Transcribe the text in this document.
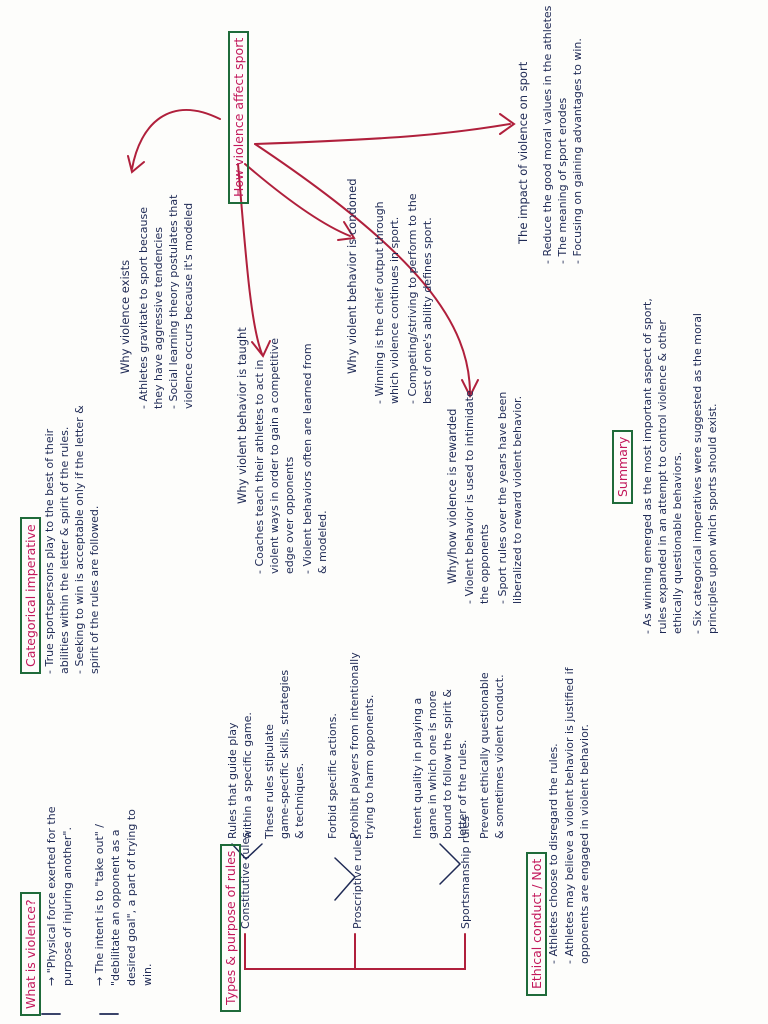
What is violence? → "Physical force exerted for the purpose of injuring another". → The intent is to "take out" / "debilitate an opponent as a desired goal", a part of trying to win.	Types & purpose of rules Constitutive rules
Rules that guide play within a specific game. These rules stipulate game-specific skills, strategies & techniques.
Proscriptive rules
Forbid specific actions. Prohibit players from intentionally trying to harm opponents.
Sportsmanship rules
Intent quality in playing a game in which one is more bound to follow the spirit & letter of the rules. Prevent ethically questionable & sometimes violent conduct.
Ethical conduct / Not - Athletes choose to disregard the rules. - Athletes may believe a violent behavior is justified if opponents are engaged in violent behavior.
Categorical imperative - True sportspersons play to the best of their abilities within the letter & spirit of the rules. - Seeking to win is acceptable only if the letter & spirit of the rules are followed.
How violence affect sport
Why violence exists - Athletes gravitate to sport because they have aggressive tendencies - Social learning theory postulates that violence occurs because it's modeled
Why violent behavior is taught - Coaches teach their athletes to act in violent ways in order to gain a competitive edge over opponents - Violent behaviors often are learned from & modeled.
Why violent behavior is condoned - Winning is the chief output through which violence continues in sport. - Competing/striving to perform to the best of one's ability defines sport.
Why/how violence is rewarded - Violent behavior is used to intimidate the opponents - Sport rules over the years have been liberalized to reward violent behavior.
The impact of violence on sport - Reduce the good moral values in the athletes - The meaning of sport erodes - Focusing on gaining advantages to win.
Summary - As winning emerged as the most important aspect of sport, rules expanded in an attempt to control violence & other ethically questionable behaviors. - Six categorical imperatives were suggested as the moral principles upon which sports should exist.
